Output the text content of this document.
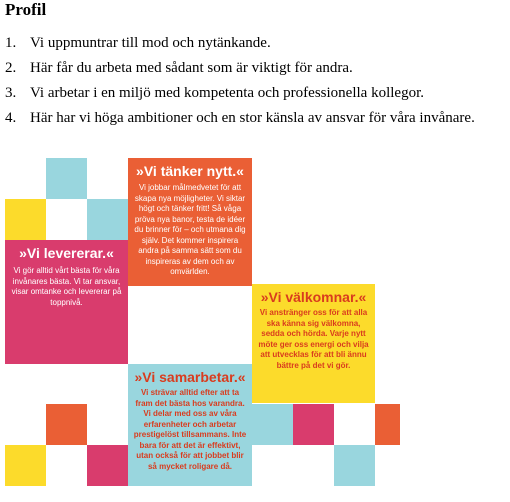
Profil
1. Vi uppmuntrar till mod och nytänkande.
2. Här får du arbeta med sådant som är viktigt för andra.
3. Vi arbetar i en miljö med kompetenta och professionella kollegor.
4. Här har vi höga ambitioner och en stor känsla av ansvar för våra invånare.
»Vi tänker nytt.«

Vi jobbar målmedvetet för att skapa nya möjligheter. Vi siktar högt och tänker fritt! Så våga pröva nya banor, testa de idéer du brinner för – och utmana dig själv. Det kommer inspirera andra på samma sätt som du inspireras av dem och av omvärlden.

»Vi levererar.«

Vi gör alltid vårt bästa för våra invånares bästa. Vi tar ansvar, visar omtanke och levererar på toppnivå.	»Vi välkomnar.«

Vi anstränger oss för att alla ska känna sig välkomna, sedda och hörda. Varje nytt möte ger oss energi och vilja att utvecklas för att bli ännu bättre på det vi gör.

»Vi samarbetar.«

Vi strävar alltid efter att ta fram det bästa hos varandra. Vi delar med oss av våra erfarenheter och arbetar prestigelöst tillsammans. Inte bara för att det är effektivt, utan också för att jobbet blir så mycket roligare då.
